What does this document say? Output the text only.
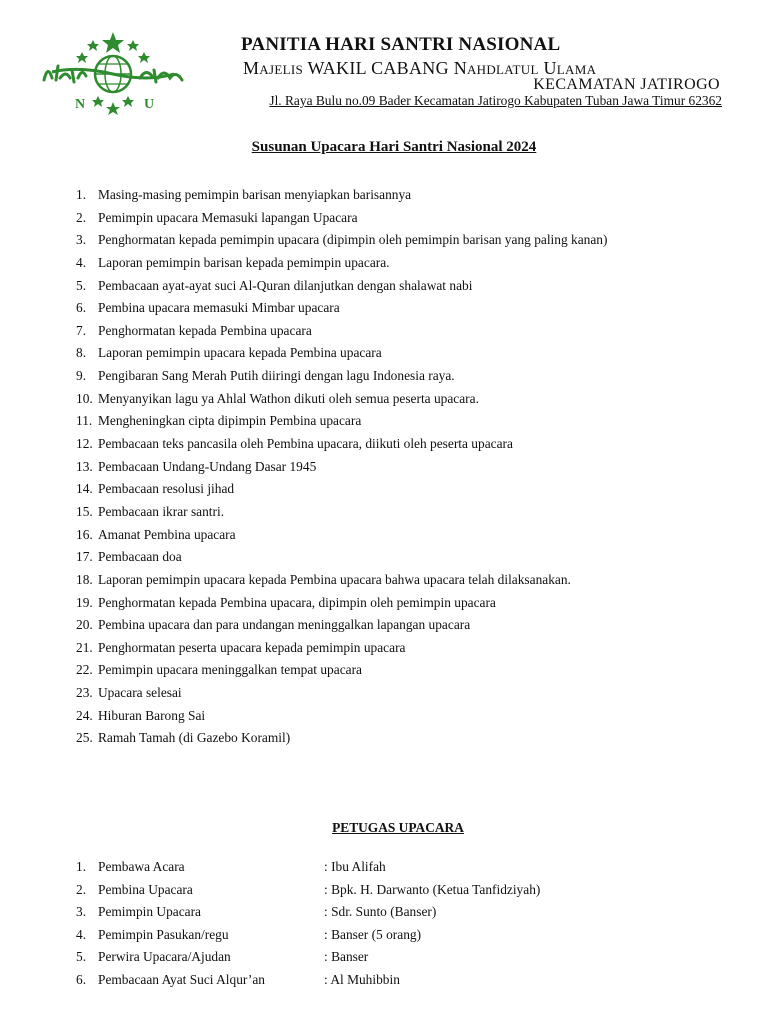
N	U
PANITIA HARI SANTRI NASIONAL
Majelis WAKIL CABANG Nahdlatul Ulama
KECAMATAN JATIROGO
Jl. Raya Bulu no.09 Bader Kecamatan Jatirogo Kabupaten Tuban Jawa Timur 62362
Susunan Upacara Hari Santri Nasional 2024
1. Masing-masing pemimpin barisan menyiapkan barisannya
2. Pemimpin upacara Memasuki lapangan Upacara
3. Penghormatan kepada pemimpin upacara (dipimpin oleh pemimpin barisan yang paling kanan)
4. Laporan pemimpin barisan kepada pemimpin upacara.
5. Pembacaan ayat-ayat suci Al-Quran dilanjutkan dengan shalawat nabi
6. Pembina upacara memasuki Mimbar upacara
7. Penghormatan kepada Pembina upacara
8. Laporan pemimpin upacara kepada Pembina upacara
9. Pengibaran Sang Merah Putih diiringi dengan lagu Indonesia raya.
10. Menyanyikan lagu ya Ahlal Wathon dikuti oleh semua peserta upacara.
11. Mengheningkan cipta dipimpin Pembina upacara
12. Pembacaan teks pancasila oleh Pembina upacara, diikuti oleh peserta upacara
13. Pembacaan Undang-Undang Dasar 1945
14. Pembacaan resolusi jihad
15. Pembacaan ikrar santri.
16. Amanat Pembina upacara
17. Pembacaan doa
18. Laporan pemimpin upacara kepada Pembina upacara bahwa upacara telah dilaksanakan.
19. Penghormatan kepada Pembina upacara, dipimpin oleh pemimpin upacara
20. Pembina upacara dan para undangan meninggalkan lapangan upacara
21. Penghormatan peserta upacara kepada pemimpin upacara
22. Pemimpin upacara meninggalkan tempat upacara
23. Upacara selesai
24. Hiburan Barong Sai
25. Ramah Tamah (di Gazebo Koramil)
PETUGAS UPACARA
1. Pembawa Acara	: Ibu Alifah
2. Pembina Upacara	: Bpk. H. Darwanto (Ketua Tanfidziyah)
3. Pemimpin Upacara	: Sdr. Sunto (Banser)
4. Pemimpin Pasukan/regu	: Banser (5 orang)
5. Perwira Upacara/Ajudan	: Banser
6. Pembacaan Ayat Suci Alqur’an	: Al Muhibbin
